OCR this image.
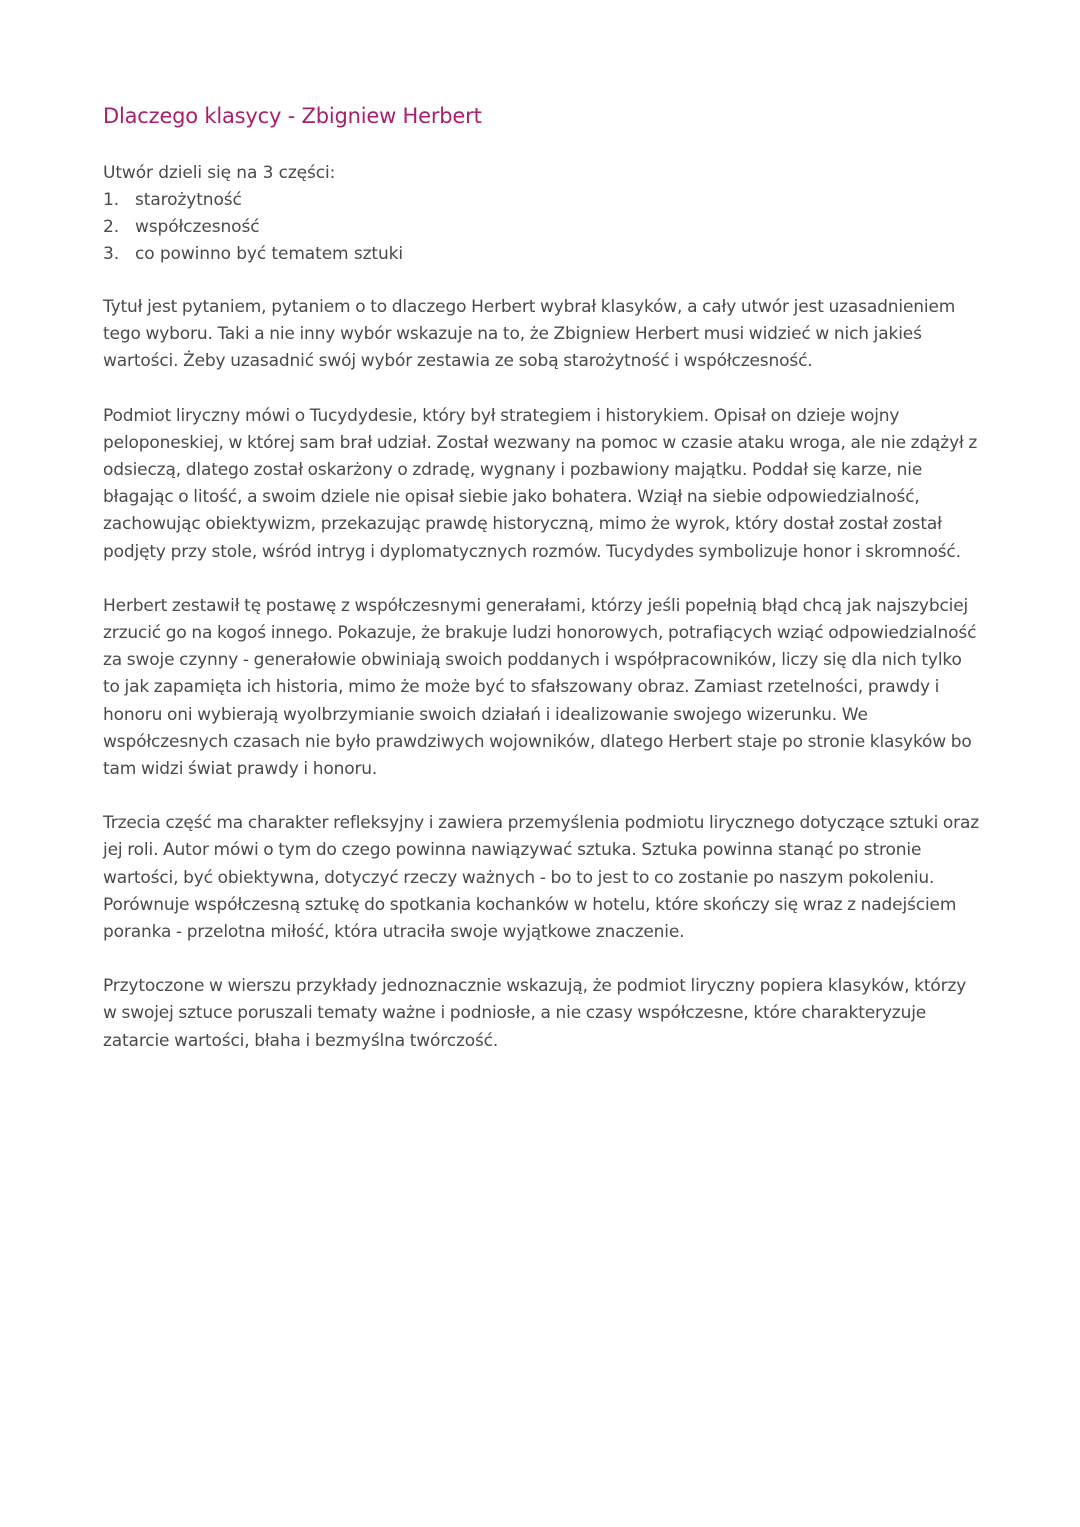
Dlaczego klasycy - Zbigniew Herbert

Utwór dzieli się na 3 części:

1. starożytność
2. współczesność
3. co powinno być tematem sztuki

Tytuł jest pytaniem, pytaniem o to dlaczego Herbert wybrał klasyków, a cały utwór jest uzasadnieniem tego wyboru. Taki a nie inny wybór wskazuje na to, że Zbigniew Herbert musi widzieć w nich jakieś wartości. Żeby uzasadnić swój wybór zestawia ze sobą starożytność i współczesność.

Podmiot liryczny mówi o Tucydydesie, który był strategiem i historykiem. Opisał on dzieje wojny peloponeskiej, w której sam brał udział. Został wezwany na pomoc w czasie ataku wroga, ale nie zdążył z odsieczą, dlatego został oskarżony o zdradę, wygnany i pozbawiony majątku. Poddał się karze, nie błagając o litość, a swoim dziele nie opisał siebie jako bohatera. Wziął na siebie odpowiedzialność, zachowując obiektywizm, przekazując prawdę historyczną, mimo że wyrok, który dostał został został podjęty przy stole, wśród intryg i dyplomatycznych rozmów. Tucydydes symbolizuje honor i skromność.

Herbert zestawił tę postawę z współczesnymi generałami, którzy jeśli popełnią błąd chcą jak najszybciej zrzucić go na kogoś innego. Pokazuje, że brakuje ludzi honorowych, potrafiących wziąć odpowiedzialność za swoje czynny - generałowie obwiniają swoich poddanych i współpracowników, liczy się dla nich tylko to jak zapamięta ich historia, mimo że może być to sfałszowany obraz. Zamiast rzetelności, prawdy i honoru oni wybierają wyolbrzymianie swoich działań i idealizowanie swojego wizerunku. We współczesnych czasach nie było prawdziwych wojowników, dlatego Herbert staje po stronie klasyków bo tam widzi świat prawdy i honoru.

Trzecia część ma charakter refleksyjny i zawiera przemyślenia podmiotu lirycznego dotyczące sztuki oraz jej roli. Autor mówi o tym do czego powinna nawiązywać sztuka. Sztuka powinna stanąć po stronie wartości, być obiektywna, dotyczyć rzeczy ważnych - bo to jest to co zostanie po naszym pokoleniu. Porównuje współczesną sztukę do spotkania kochanków w hotelu, które skończy się wraz z nadejściem poranka - przelotna miłość, która utraciła swoje wyjątkowe znaczenie.

Przytoczone w wierszu przykłady jednoznacznie wskazują, że podmiot liryczny popiera klasyków, którzy w swojej sztuce poruszali tematy ważne i podniosłe, a nie czasy współczesne, które charakteryzuje zatarcie wartości, błaha i bezmyślna twórczość.
